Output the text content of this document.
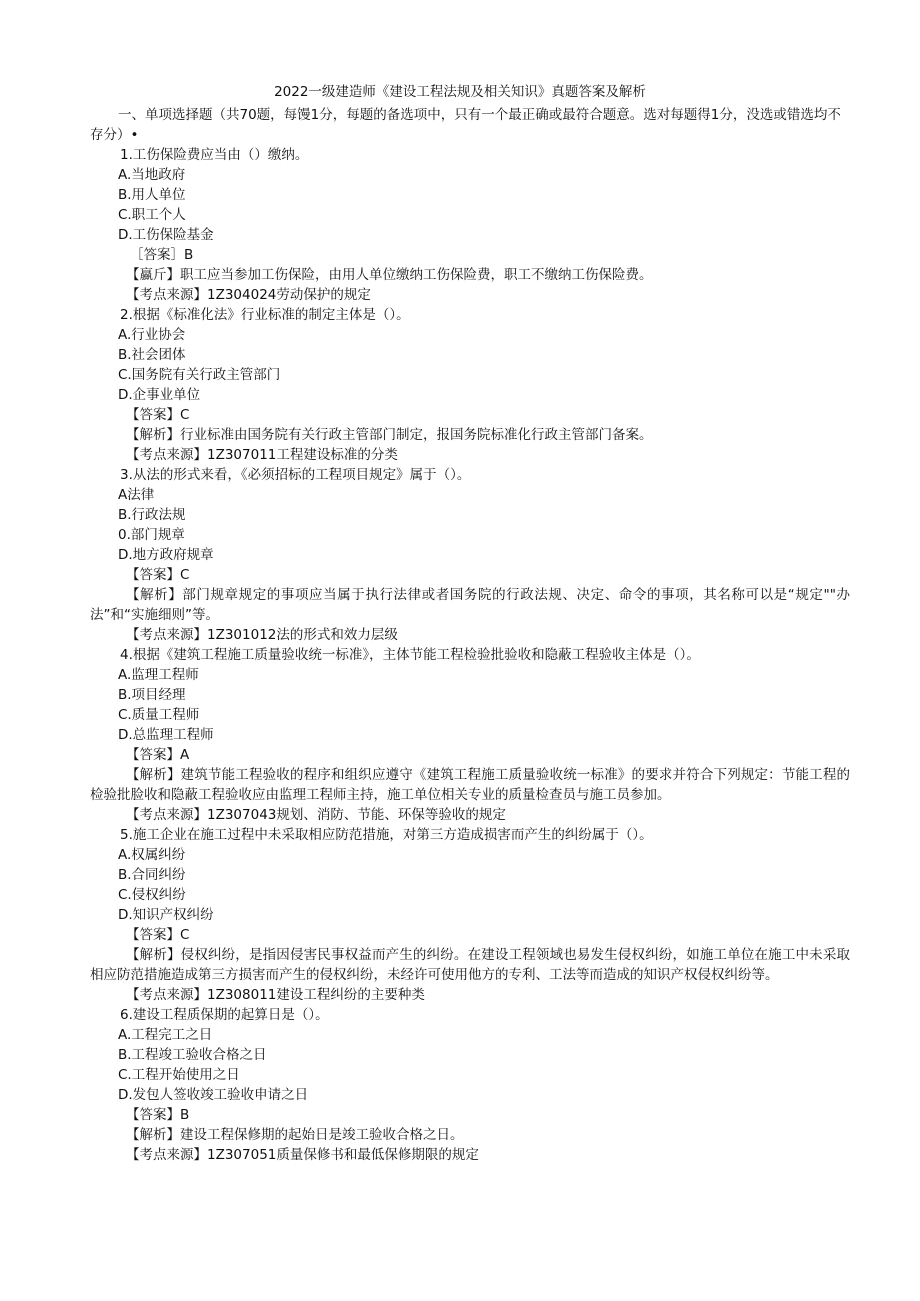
2022一级建造师《建设工程法规及相关知识》真题答案及解析
一、单项选择题（共70题，每馒1分，每题的备选项中，只有一个最正确或最符合题意。选对每题得1分，没选或错选均不存分）•
1.工伤保险费应当由（）缴纳。
A.当地政府
B.用人单位
C.职工个人
D.工伤保险基金
［答案］B
【蠃斤】职工应当参加工伤保险，由用人单位缴纳工伤保险费，职工不缴纳工伤保险费。
【考点来源】1Z304024劳动保护的规定
2.根据《标准化法》行业标准的制定主体是（）。
A.行业协会
B.社会团体
C.国务院有关行政主管部门
D.企事业单位
【答案】C
【解析】行业标准由国务院有关行政主管部门制定，报国务院标准化行政主管部门备案。
【考点来源】1Z307011工程建设标准的分类
3.从法的形式来看，《必须招标的工程项目规定》属于（）。
A法律
B.行政法规
0.部门规章
D.地方政府规章
【答案】C
【解析】部门规章规定的事项应当属于执行法律或者国务院的行政法规、决定、命令的事项，其名称可以是“规定""办法”和“实施细则”等。
【考点来源】1Z301012法的形式和效力层级
4.根据《建筑工程施工质量验收统一标准》，主体节能工程检验批验收和隐蔽工程验收主体是（）。
A.监理工程师
B.项目经理
C.质量工程师
D.总监理工程师
【答案】A
【解析】建筑节能工程验收的程序和组织应遵守《建筑工程施工质量验收统一标准》的要求并符合下列规定：节能工程的检验批脸收和隐蔽工程验收应由监理工程师主持，施工单位相关专业的质量检查员与施工员参加。
【考点来源】1Z307043规划、消防、节能、环保等验收的规定
5.施工企业在施工过程中未采取相应防范措施，对第三方造成损害而产生的纠纷属于（）。
A.权属纠纷
B.合同纠纷
C.侵权纠纷
D.知识产权纠纷
【答案】C
【解析】侵权纠纷，是指因侵害民事权益而产生的纠纷。在建设工程领域也易发生侵权纠纷，如施工单位在施工中未采取相应防范措施造成第三方损害而产生的侵权纠纷，未经许可使用他方的专利、工法等而造成的知识产权侵权纠纷等。
【考点来源】1Z308011建设工程纠纷的主要种类
6.建设工程质保期的起算日是（）。
A.工程完工之日
B.工程竣工验收合格之日
C.工程开始使用之日
D.发包人签收竣工验收申请之日
【答案】B
【解析】建设工程保修期的起始日是竣工验收合格之日。
【考点来源】1Z307051质量保修书和最低保修期限的规定
